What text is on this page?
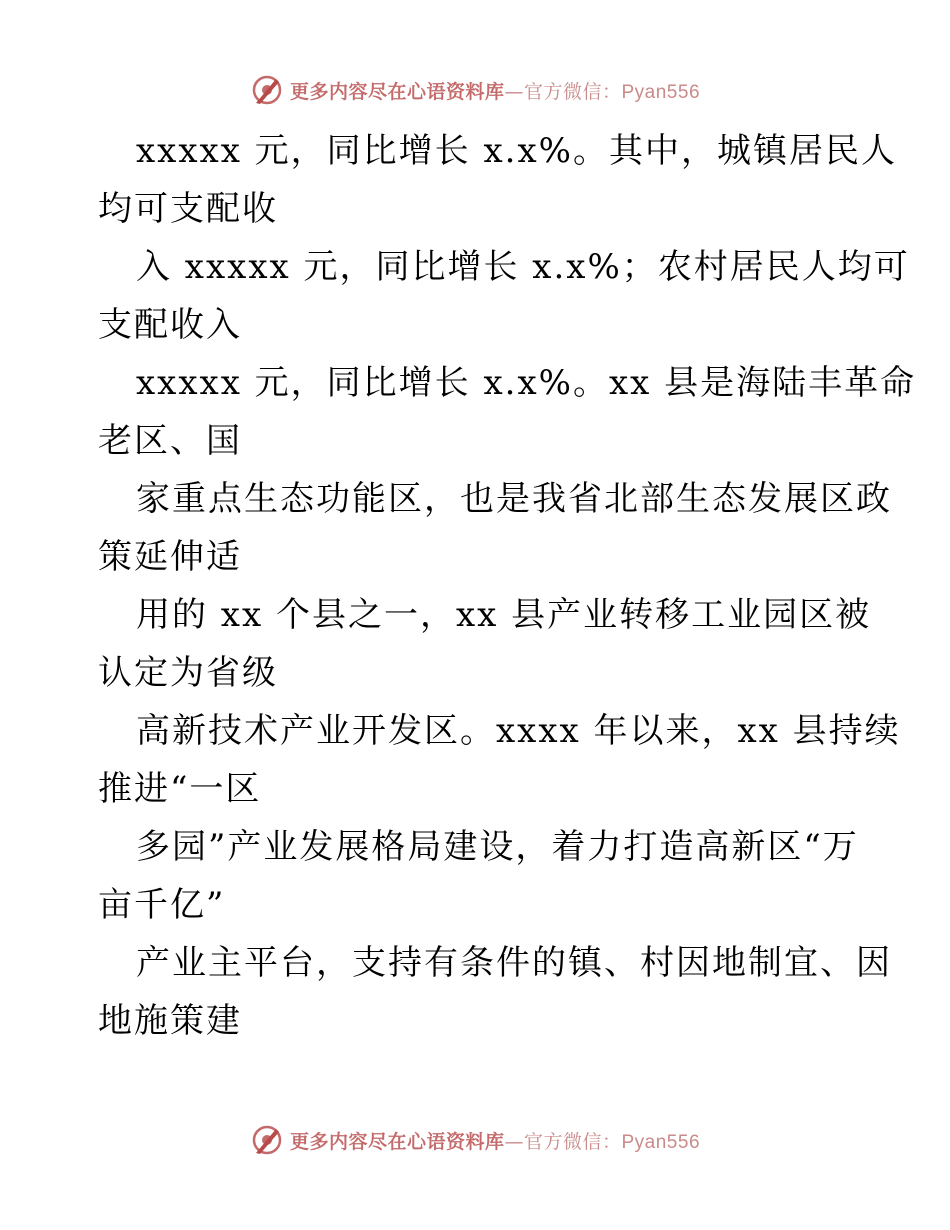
更多内容尽在心语资料库—官方微信：Pyan556
xxxxx 元，同比增长 x.x%。其中，城镇居民人
均可支配收
入 xxxxx 元，同比增长 x.x%；农村居民人均可
支配收入
xxxxx 元，同比增长 x.x%。xx 县是海陆丰革命
老区、国
家重点生态功能区，也是我省北部生态发展区政
策延伸适
用的 xx 个县之一，xx 县产业转移工业园区被
认定为省级
高新技术产业开发区。xxxx 年以来，xx 县持续
推进“一区
多园”产业发展格局建设，着力打造高新区“万
亩千亿”
产业主平台，支持有条件的镇、村因地制宜、因
地施策建
更多内容尽在心语资料库—官方微信：Pyan556
